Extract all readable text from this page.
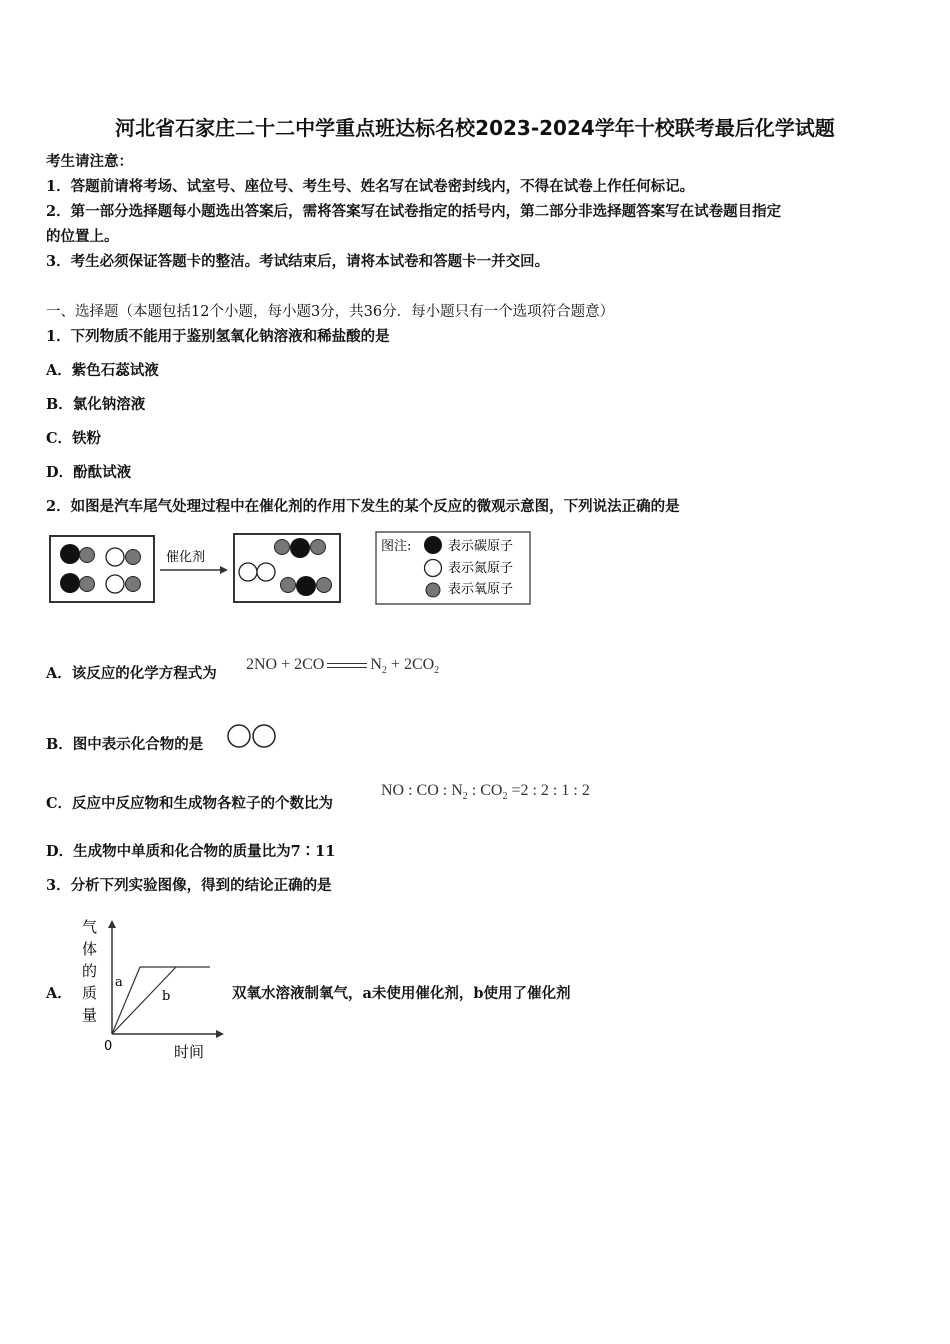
河北省石家庄二十二中学重点班达标名校2023-2024学年十校联考最后化学试题
考生请注意：
1．答题前请将考场、试室号、座位号、考生号、姓名写在试卷密封线内，不得在试卷上作任何标记。
2．第一部分选择题每小题选出答案后，需将答案写在试卷指定的括号内，第二部分非选择题答案写在试卷题目指定
的位置上。
3．考生必须保证答题卡的整洁。考试结束后，请将本试卷和答题卡一并交回。
一、选择题（本题包括12个小题，每小题3分，共36分．每小题只有一个选项符合题意）
1．下列物质不能用于鉴别氢氧化钠溶液和稀盐酸的是
A．紫色石蕊试液
B．氯化钠溶液
C．铁粉
D．酚酞试液
2．如图是汽车尾气处理过程中在催化剂的作用下发生的某个反应的微观示意图，下列说法正确的是
催化剂
图注:	表示碳原子
表示氮原子
表示氧原子
A．该反应的化学方程式为
2NO + 2CO	$N_2 + 2CO_2$
B．图中表示化合物的是
C．反应中反应物和生成物各粒子的个数比为
NO : CO : $N_2$ : $CO_2 =2$ : 2 : 1 : 2
D．生成物中单质和化合物的质量比为7∶11
3．分析下列实验图像，得到的结论正确的是
A．
气
体
的
质
量
0	时间
a
b	双氧水溶液制氧气，a未使用催化剂，b使用了催化剂
